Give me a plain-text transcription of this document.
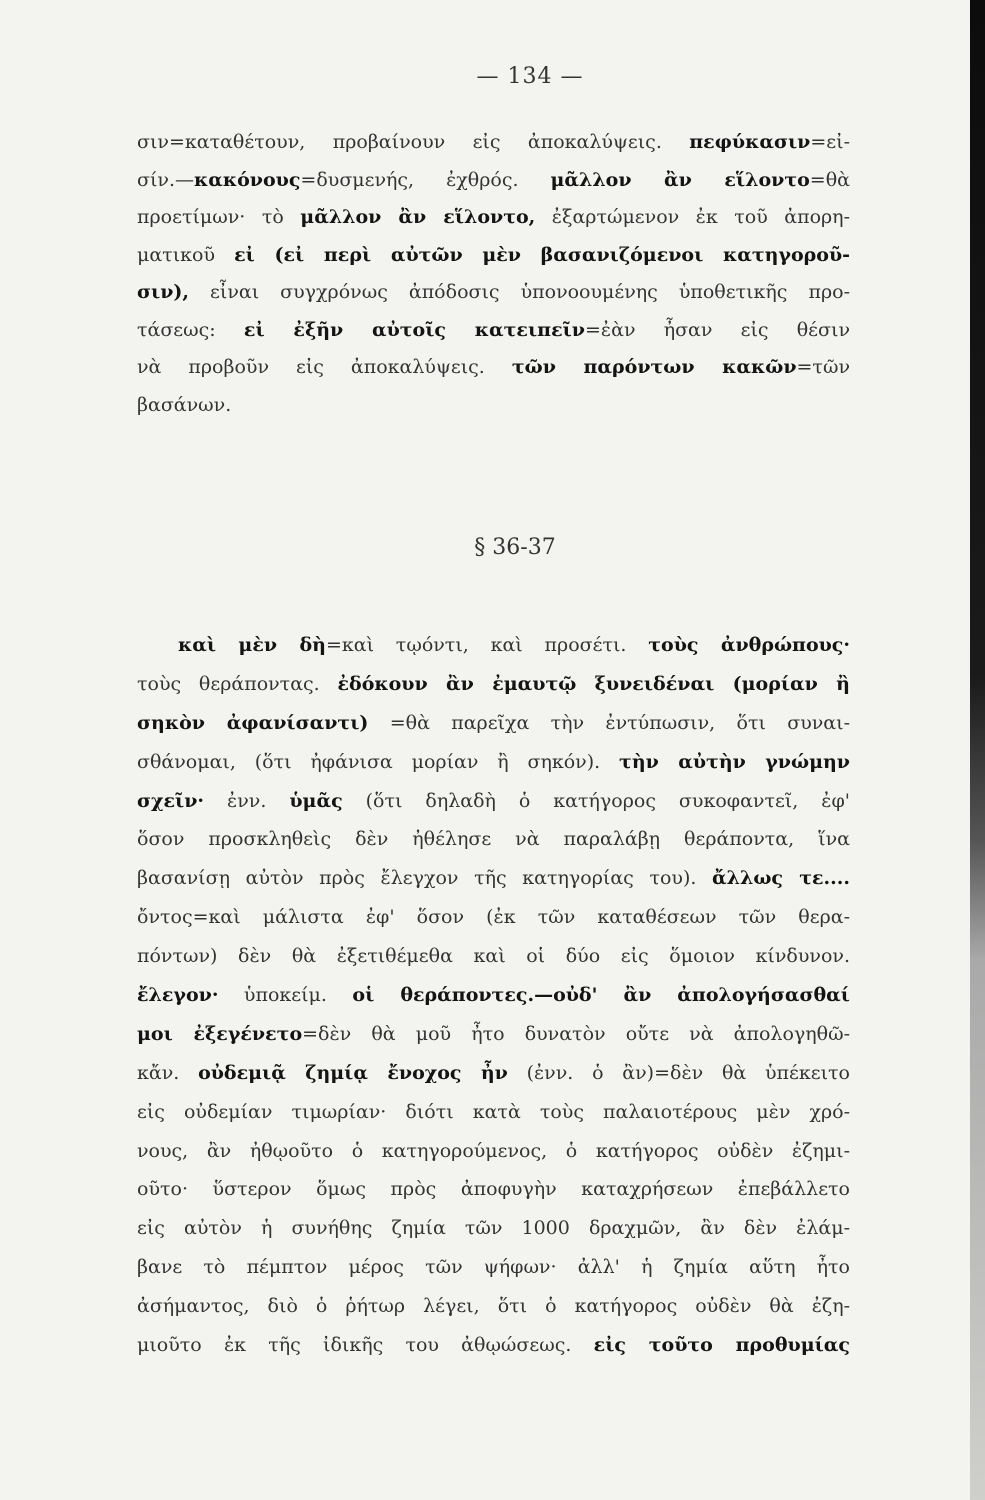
— 134 —
σιν=καταθέτουν, προβαίνουν εἰς ἀποκαλύψεις. πεφύκασιν=εἰ-
σίν.—κακόνους=δυσμενής, ἐχθρός. μᾶλλον ἂν εἵλοντο=θὰ
προετίμων· τὸ μᾶλλον ἂν εἵλοντο, ἐξαρτώμενον ἐκ τοῦ ἀπορη-
ματικοῦ εἰ (εἰ περὶ αὐτῶν μὲν βασανιζόμενοι κατηγοροῦ-
σιν), εἶναι συγχρόνως ἀπόδοσις ὑπονοουμένης ὑποθετικῆς προ-
τάσεως: εἰ ἐξῆν αὐτοῖς κατειπεῖν=ἐὰν ἦσαν εἰς θέσιν
νὰ προβοῦν εἰς ἀποκαλύψεις. τῶν παρόντων κακῶν=τῶν
βασάνων.
§ 36-37
καὶ μὲν δὴ=καὶ τῳόντι, καὶ προσέτι. τοὺς ἀνθρώπους·
τοὺς θεράποντας. ἐδόκουν ἂν ἐμαυτῷ ξυνειδέναι (μορίαν ἢ
σηκὸν ἀφανίσαντι) =θὰ παρεῖχα τὴν ἐντύπωσιν, ὅτι συναι-
σθάνομαι, (ὅτι ἠφάνισα μορίαν ἢ σηκόν). τὴν αὐτὴν γνώμην
σχεῖν· ἐνν. ὑμᾶς (ὅτι δηλαδὴ ὁ κατήγορος συκοφαντεῖ, ἐφ'
ὅσον προσκληθεὶς δὲν ἠθέλησε νὰ παραλάβῃ θεράποντα, ἵνα
βασανίσῃ αὐτὸν πρὸς ἔλεγχον τῆς κατηγορίας του). ἄλλως τε....
ὄντος=καὶ μάλιστα ἐφ' ὅσον (ἐκ τῶν καταθέσεων τῶν θερα-
πόντων) δὲν θὰ ἐξετιθέμεθα καὶ οἱ δύο εἰς ὅμοιον κίνδυνον.
ἔλεγον· ὑποκείμ. οἱ θεράποντες.—οὐδ' ἂν ἀπολογήσασθαί
μοι ἐξεγένετο=δὲν θὰ μοῦ ἦτο δυνατὸν οὔτε νὰ ἀπολογηθῶ-
κἄν. οὐδεμιᾷ ζημίᾳ ἔνοχος ἦν (ἐνν. ὁ ἂν)=δὲν θὰ ὑπέκειτο
εἰς οὐδεμίαν τιμωρίαν· διότι κατὰ τοὺς παλαιοτέρους μὲν χρό-
νους, ἂν ἠθῳοῦτο ὁ κατηγορούμενος, ὁ κατήγορος οὐδὲν ἐζημι-
οῦτο· ὕστερον ὅμως πρὸς ἀποφυγὴν καταχρήσεων ἐπεβάλλετο
εἰς αὐτὸν ἡ συνήθης ζημία τῶν 1000 δραχμῶν, ἂν δὲν ἐλάμ-
βανε τὸ πέμπτον μέρος τῶν ψήφων· ἀλλ' ἡ ζημία αὕτη ἦτο
ἀσήμαντος, διὸ ὁ ῥήτωρ λέγει, ὅτι ὁ κατήγορος οὐδὲν θὰ ἐζη-
μιοῦτο ἐκ τῆς ἰδικῆς του ἀθῳώσεως. εἰς τοῦτο προθυμίας
